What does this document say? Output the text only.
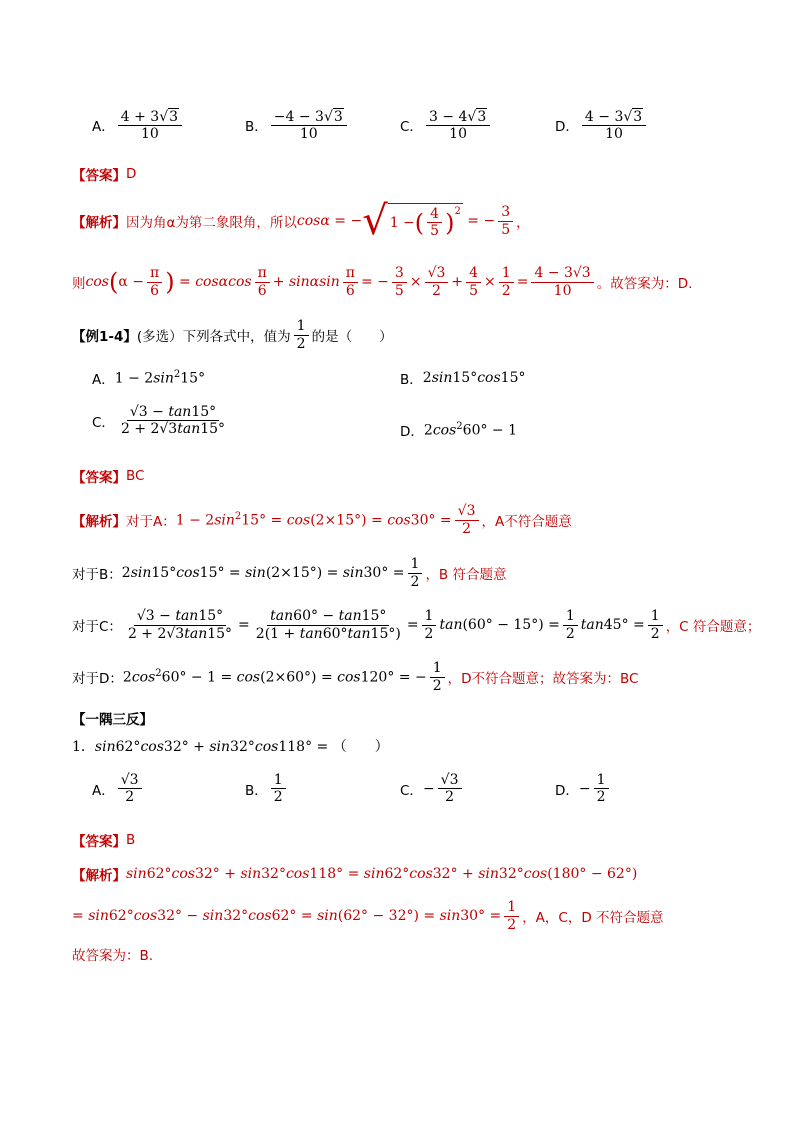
A． $\frac{4 + 3√ 3}{10}$	B． $\frac{-4 - 3√ 3}{10}$	C． $\frac{3 - 4√ 3}{10}$	D． $\frac{4 - 3√ 3}{10}$
【答案】 D
【解析】 因为角α为第二象限角，所以 cosα = − √ 1 − ( $\frac{4}{5} )^2$
= − $\frac{3}{5}$ ，
则 cos ( $\alpha - \frac{\pi}{6}$ ) = cosαcos $\frac{\pi}{6} + \sin\alpha\sin \frac{\pi}{6}$ = − $\frac{3}{5} \times \frac{√3}{2} + \frac{4}{5} \times \frac{1}{2} = \frac{4 - 3√3}{10}$ 。故答案为：D.
【例1-4】 (多选）下列各式中，值为 $\frac{1}{2}$ 的是（　　）
A． $1 - 2\sin^215^\circ$	B． 2sin15°cos15°
C． $\frac{√3 - \tan 15^\circ}{2 + 2√3\tan 15^\circ}$	D． $2\cos^260^\circ - 1$
【答案】 BC
【解析】 对于A： $1 - 2\sin^215^\circ = \cos(2\times 15^\circ) = \cos 30^\circ = \frac{√3}{2}$ ，A不符合题意
对于B： $2\sin 15^\circ\cos 15^\circ = \sin(2\times 15^\circ) = \sin 30^\circ = \frac{1}{2}$ ，B 符合题意
对于C： $\frac{√3 - \tan 15^\circ}{2 + 2√3\tan 15^\circ} = \frac{\tan 60^\circ - \tan 15^\circ}{2(1 + \tan 60^\circ\tan 15^\circ)} = \frac{1}{2} \tan(60^\circ - 15^\circ) = \frac{1}{2} \tan 45^\circ = \frac{1}{2}$ ，C 符合题意；
对于D： $2\cos^260^\circ - 1 = \cos(2\times 60^\circ) = \cos 120^\circ$ = − $\frac{1}{2}$ ，D不符合题意；故答案为：BC
【一隅三反】
1．sin62°cos32° + sin32°cos118° = （　　）
A． $\frac{√3}{2}$	B． $\frac{1}{2}$	C． − $\frac{√3}{2}$	D． − $\frac{1}{2}$
【答案】 B
【解析】 sin62°cos32° + sin32°cos118° = sin62°cos32° + sin32°cos(180° − 62°)
= $\sin 62^\circ\cos 32^\circ - \sin 32^\circ\cos 62^\circ = \sin(62^\circ - 32^\circ) = \sin 30^\circ = \frac{1}{2}$ ，A，C，D 不符合题意
故答案为：B.
